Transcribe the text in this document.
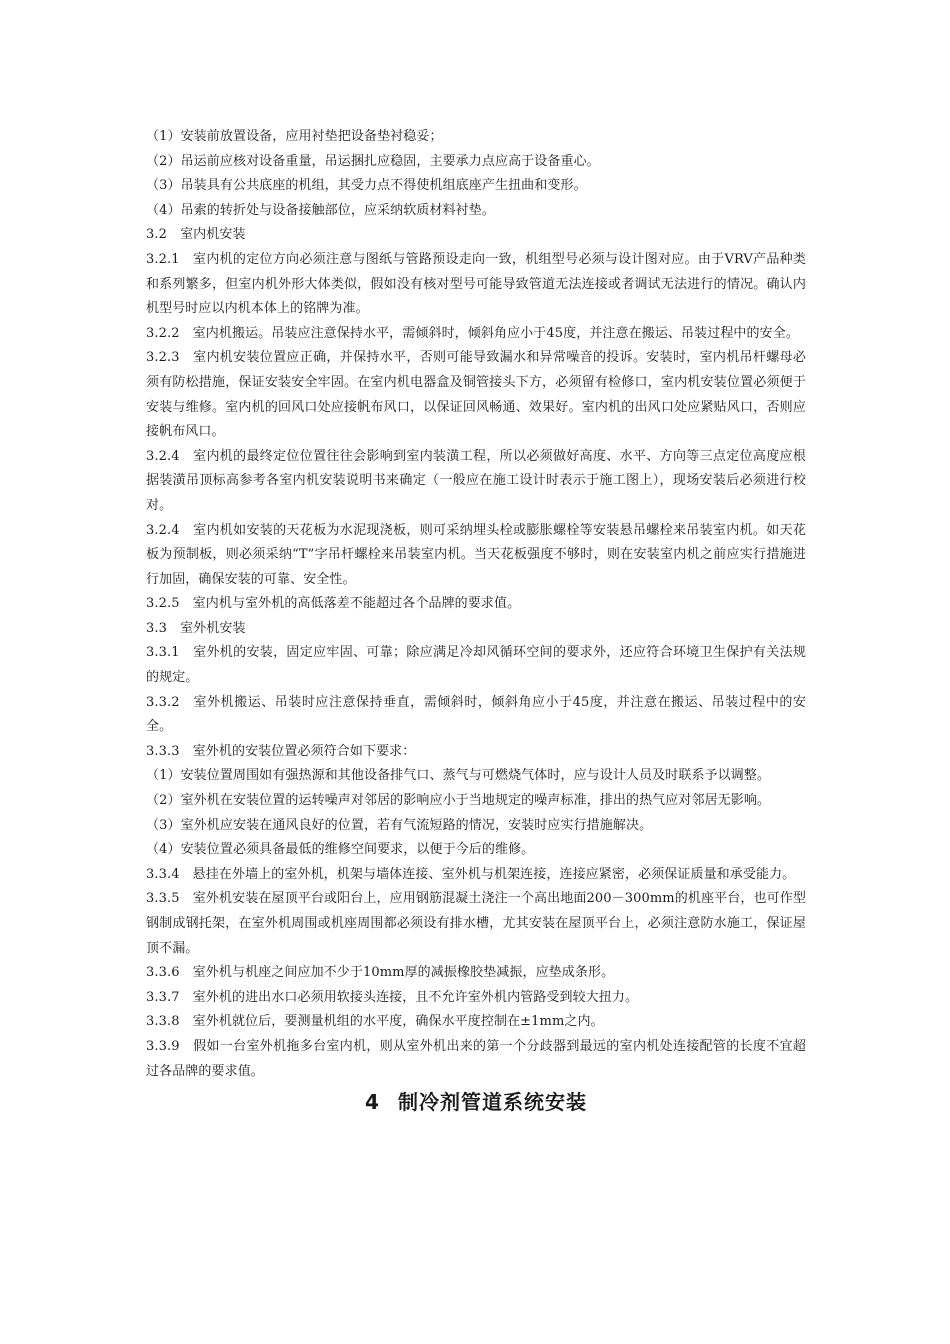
（1）安装前放置设备，应用衬垫把设备垫衬稳妥；

（2）吊运前应核对设备重量，吊运捆扎应稳固，主要承力点应高于设备重心。

（3）吊装具有公共底座的机组，其受力点不得使机组底座产生扭曲和变形。

（4）吊索的转折处与设备接触部位，应采纳软质材料衬垫。

3.2　室内机安装

3.2.1　室内机的定位方向必须注意与图纸与管路预设走向一致，机组型号必须与设计图对应。由于VRV产品种类和系列繁多，但室内机外形大体类似，假如没有核对型号可能导致管道无法连接或者调试无法进行的情况。确认内机型号时应以内机本体上的铭牌为准。

3.2.2　室内机搬运。吊装应注意保持水平，需倾斜时，倾斜角应小于45度，并注意在搬运、吊装过程中的安全。

3.2.3　室内机安装位置应正确，并保持水平，否则可能导致漏水和异常噪音的投诉。安装时，室内机吊杆螺母必须有防松措施，保证安装安全牢固。在室内机电器盒及铜管接头下方，必须留有检修口，室内机安装位置必须便于安装与维修。室内机的回风口处应接帆布风口，以保证回风畅通、效果好。室内机的出风口处应紧贴风口，否则应接帆布风口。

3.2.4　室内机的最终定位位置往往会影响到室内装潢工程，所以必须做好高度、水平、方向等三点定位高度应根据装潢吊顶标高参考各室内机安装说明书来确定（一般应在施工设计时表示于施工图上），现场安装后必须进行校对。

3.2.4　室内机如安装的天花板为水泥现浇板，则可采纳埋头栓或膨胀螺栓等安装悬吊螺栓来吊装室内机。如天花板为预制板，则必须采纳“T”字吊杆螺栓来吊装室内机。当天花板强度不够时，则在安装室内机之前应实行措施进行加固，确保安装的可靠、安全性。

3.2.5　室内机与室外机的高低落差不能超过各个品牌的要求值。

3.3　室外机安装

3.3.1　室外机的安装，固定应牢固、可靠；除应满足冷却风循环空间的要求外，还应符合环境卫生保护有关法规的规定。

3.3.2　室外机搬运、吊装时应注意保持垂直，需倾斜时，倾斜角应小于45度，并注意在搬运、吊装过程中的安全。

3.3.3　室外机的安装位置必须符合如下要求：

（1）安装位置周围如有强热源和其他设备排气口、蒸气与可燃烧气体时，应与设计人员及时联系予以调整。

（2）室外机在安装位置的运转噪声对邻居的影响应小于当地规定的噪声标准，排出的热气应对邻居无影响。

（3）室外机应安装在通风良好的位置，若有气流短路的情况，安装时应实行措施解决。

（4）安装位置必须具备最低的维修空间要求，以便于今后的维修。

3.3.4　悬挂在外墙上的室外机，机架与墙体连接、室外机与机架连接，连接应紧密，必须保证质量和承受能力。

3.3.5　室外机安装在屋顶平台或阳台上，应用钢筋混凝土浇注一个高出地面200－300mm的机座平台，也可作型钢制成钢托架，在室外机周围或机座周围都必须设有排水槽，尤其安装在屋顶平台上，必须注意防水施工，保证屋顶不漏。

3.3.6　室外机与机座之间应加不少于10mm厚的减振橡胶垫减振，应垫成条形。

3.3.7　室外机的进出水口必须用软接头连接，且不允许室外机内管路受到较大扭力。

3.3.8　室外机就位后，要测量机组的水平度，确保水平度控制在±1mm之内。

3.3.9　假如一台室外机拖多台室内机，则从室外机出来的第一个分歧器到最远的室内机处连接配管的长度不宜超过各品牌的要求值。

4 制冷剂管道系统安装
